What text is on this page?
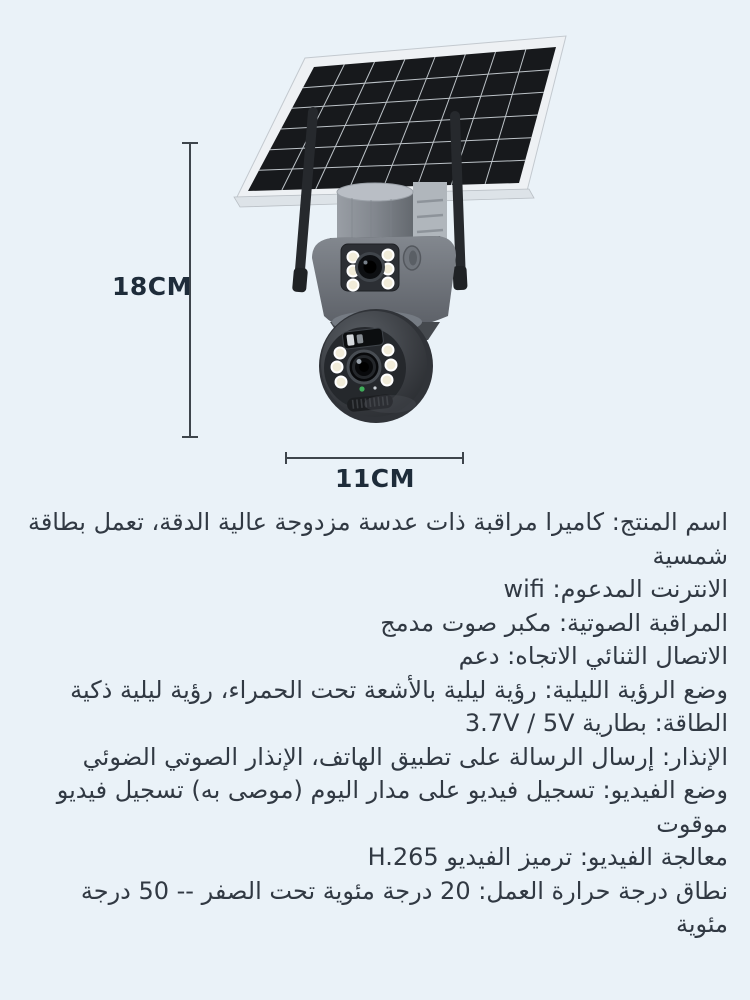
18CM
11CM
اسم المنتج: كاميرا مراقبة ذات عدسة مزدوجة عالية الدقة، تعمل بطاقة شمسية
الانترنت المدعوم: wifi
المراقبة الصوتية: مكبر صوت مدمج
الاتصال الثنائي الاتجاه: دعم
وضع الرؤية الليلية: رؤية ليلية بالأشعة تحت الحمراء، رؤية ليلية ذكية
الطاقة: بطارية 3.7V / 5V
الإنذار: إرسال الرسالة على تطبيق الهاتف، الإنذار الصوتي الضوئي
وضع الفيديو: تسجيل فيديو على مدار اليوم (موصى به) تسجيل فيديو موقوت
معالجة الفيديو: ترميز الفيديو H.265
نطاق درجة حرارة العمل: 20 درجة مئوية تحت الصفر -- 50 درجة مئوية
